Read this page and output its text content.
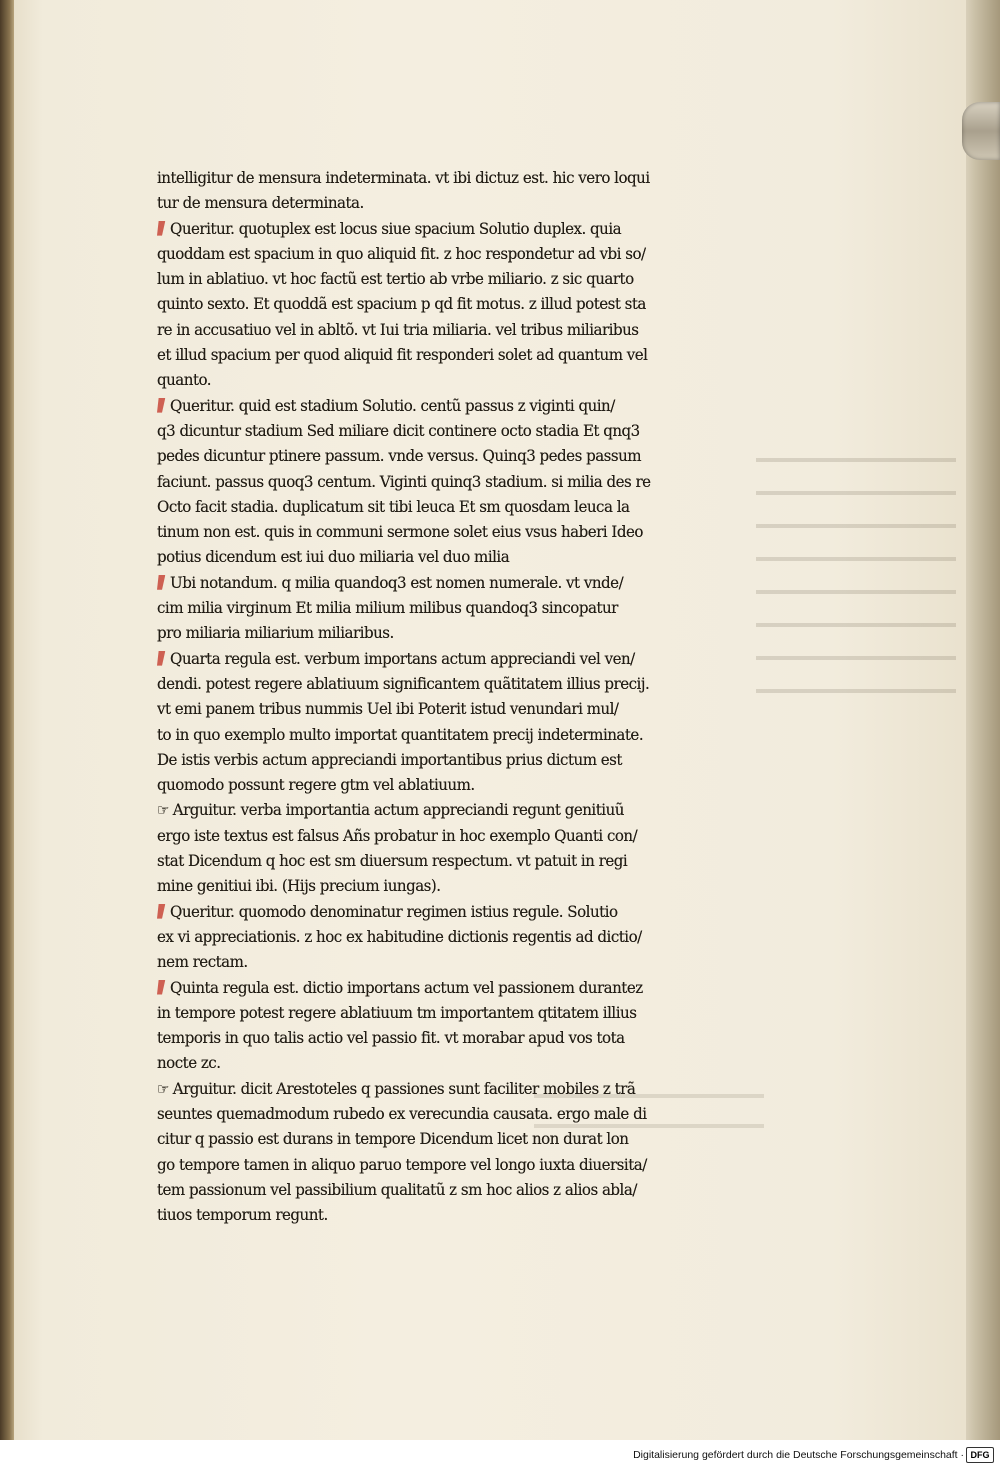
intelligitur de mensura indeterminata. vt ibi dictuz est. hic vero loqui
tur de mensura determinata.
Queritur. quotuplex est locus siue spacium Solutio duplex. quia
quoddam est spacium in quo aliquid fit. z hoc respondetur ad vbi so/
lum in ablatiuo. vt hoc factũ est tertio ab vrbe miliario. z sic quarto
quinto sexto. Et quoddã est spacium p qd fit motus. z illud potest sta
re in accusatiuo vel in abltõ. vt Iui tria miliaria. vel tribus miliaribus
et illud spacium per quod aliquid fit responderi solet ad quantum vel
quanto.
Queritur. quid est stadium Solutio. centũ passus z viginti quin/
q3 dicuntur stadium Sed miliare dicit continere octo stadia Et qnq3
pedes dicuntur ptinere passum. vnde versus. Quinq3 pedes passum
faciunt. passus quoq3 centum. Viginti quinq3 stadium. si milia des re
Octo facit stadia. duplicatum sit tibi leuca Et sm quosdam leuca la
tinum non est. quis in communi sermone solet eius vsus haberi Ideo
potius dicendum est iui duo miliaria vel duo milia
Ubi notandum. q milia quandoq3 est nomen numerale. vt vnde/
cim milia virginum Et milia milium milibus quandoq3 sincopatur
pro miliaria miliarium miliaribus.
Quarta regula est. verbum importans actum appreciandi vel ven/
dendi. potest regere ablatiuum significantem quãtitatem illius precij.
vt emi panem tribus nummis Uel ibi Poterit istud venundari mul/
to in quo exemplo multo importat quantitatem precij indeterminate.
De istis verbis actum appreciandi importantibus prius dictum est
quomodo possunt regere gtm vel ablatiuum.
☞ Arguitur. verba importantia actum appreciandi regunt genitiuũ
ergo iste textus est falsus Añs probatur in hoc exemplo Quanti con/
stat Dicendum q hoc est sm diuersum respectum. vt patuit in regi
mine genitiui ibi. (Hijs precium iungas).
Queritur. quomodo denominatur regimen istius regule. Solutio
ex vi appreciationis. z hoc ex habitudine dictionis regentis ad dictio/
nem rectam.
Quinta regula est. dictio importans actum vel passionem durantez
in tempore potest regere ablatiuum tm importantem qtitatem illius
temporis in quo talis actio vel passio fit. vt morabar apud vos tota
nocte zc.
☞ Arguitur. dicit Arestoteles q passiones sunt faciliter mobiles z trã
seuntes quemadmodum rubedo ex verecundia causata. ergo male di
citur q passio est durans in tempore Dicendum licet non durat lon
go tempore tamen in aliquo paruo tempore vel longo iuxta diuersita/
tem passionum vel passibilium qualitatũ z sm hoc alios z alios abla/
tiuos temporum regunt.
Digitalisierung gefördert durch die Deutsche Forschungsgemeinschaft · DFG
